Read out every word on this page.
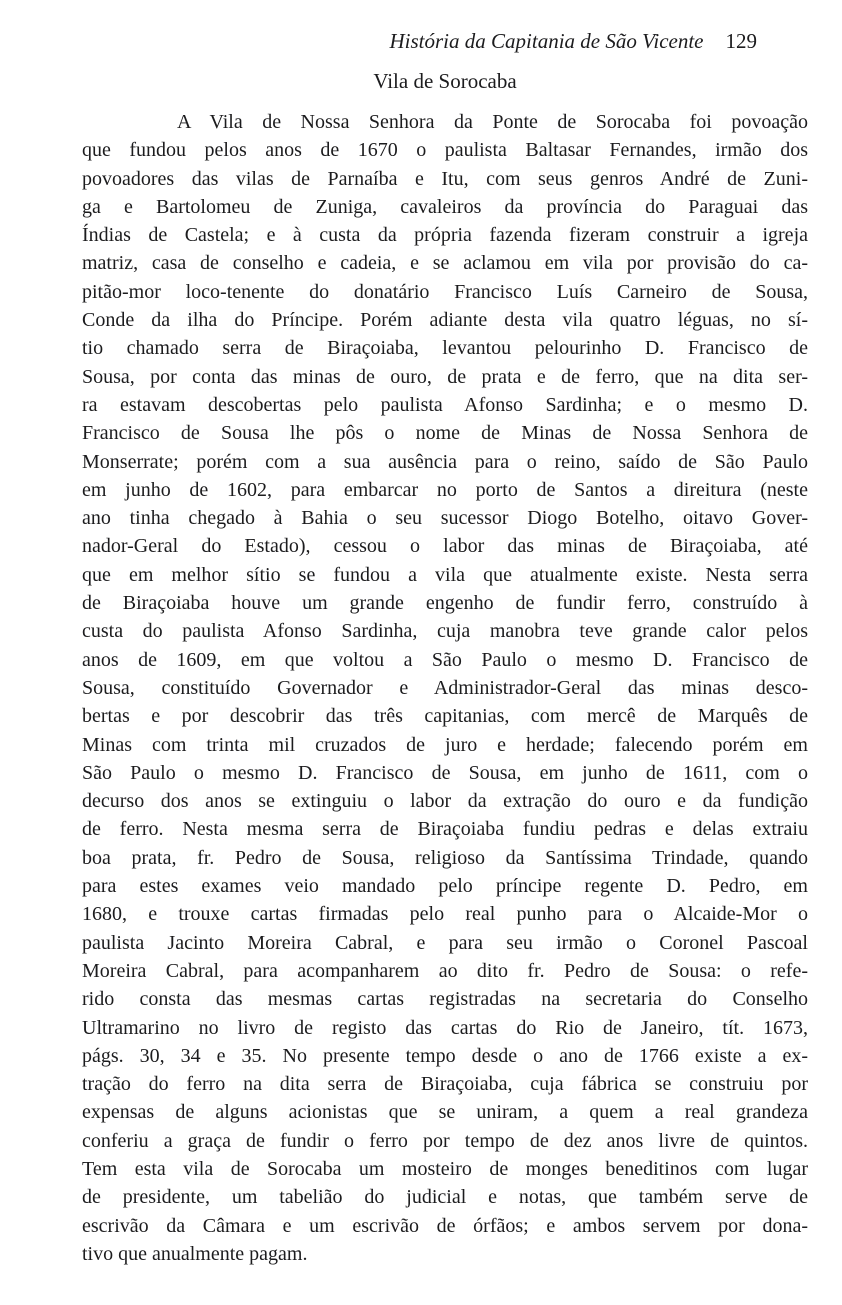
História da Capitania de São Vicente 129
Vila de Sorocaba
A Vila de Nossa Senhora da Ponte de Sorocaba foi povoação
que fundou pelos anos de 1670 o paulista Baltasar Fernandes, irmão dos
povoadores das vilas de Parnaíba e Itu, com seus genros André de Zuni-
ga e Bartolomeu de Zuniga, cavaleiros da província do Paraguai das
Índias de Castela; e à custa da própria fazenda fizeram construir a igreja
matriz, casa de conselho e cadeia, e se aclamou em vila por provisão do ca-
pitão-mor loco-tenente do donatário Francisco Luís Carneiro de Sousa,
Conde da ilha do Príncipe. Porém adiante desta vila quatro léguas, no sí-
tio chamado serra de Biraçoiaba, levantou pelourinho D. Francisco de
Sousa, por conta das minas de ouro, de prata e de ferro, que na dita ser-
ra estavam descobertas pelo paulista Afonso Sardinha; e o mesmo D.
Francisco de Sousa lhe pôs o nome de Minas de Nossa Senhora de
Monserrate; porém com a sua ausência para o reino, saído de São Paulo
em junho de 1602, para embarcar no porto de Santos a direitura (neste
ano tinha chegado à Bahia o seu sucessor Diogo Botelho, oitavo Gover-
nador-Geral do Estado), cessou o labor das minas de Biraçoiaba, até
que em melhor sítio se fundou a vila que atualmente existe. Nesta serra
de Biraçoiaba houve um grande engenho de fundir ferro, construído à
custa do paulista Afonso Sardinha, cuja manobra teve grande calor pelos
anos de 1609, em que voltou a São Paulo o mesmo D. Francisco de
Sousa, constituído Governador e Administrador-Geral das minas desco-
bertas e por descobrir das três capitanias, com mercê de Marquês de
Minas com trinta mil cruzados de juro e herdade; falecendo porém em
São Paulo o mesmo D. Francisco de Sousa, em junho de 1611, com o
decurso dos anos se extinguiu o labor da extração do ouro e da fundição
de ferro. Nesta mesma serra de Biraçoiaba fundiu pedras e delas extraiu
boa prata, fr. Pedro de Sousa, religioso da Santíssima Trindade, quando
para estes exames veio mandado pelo príncipe regente D. Pedro, em
1680, e trouxe cartas firmadas pelo real punho para o Alcaide-Mor o
paulista Jacinto Moreira Cabral, e para seu irmão o Coronel Pascoal
Moreira Cabral, para acompanharem ao dito fr. Pedro de Sousa: o refe-
rido consta das mesmas cartas registradas na secretaria do Conselho
Ultramarino no livro de registo das cartas do Rio de Janeiro, tít. 1673,
págs. 30, 34 e 35. No presente tempo desde o ano de 1766 existe a ex-
tração do ferro na dita serra de Biraçoiaba, cuja fábrica se construiu por
expensas de alguns acionistas que se uniram, a quem a real grandeza
conferiu a graça de fundir o ferro por tempo de dez anos livre de quintos.
Tem esta vila de Sorocaba um mosteiro de monges beneditinos com lugar
de presidente, um tabelião do judicial e notas, que também serve de
escrivão da Câmara e um escrivão de órfãos; e ambos servem por dona-
tivo que anualmente pagam.
